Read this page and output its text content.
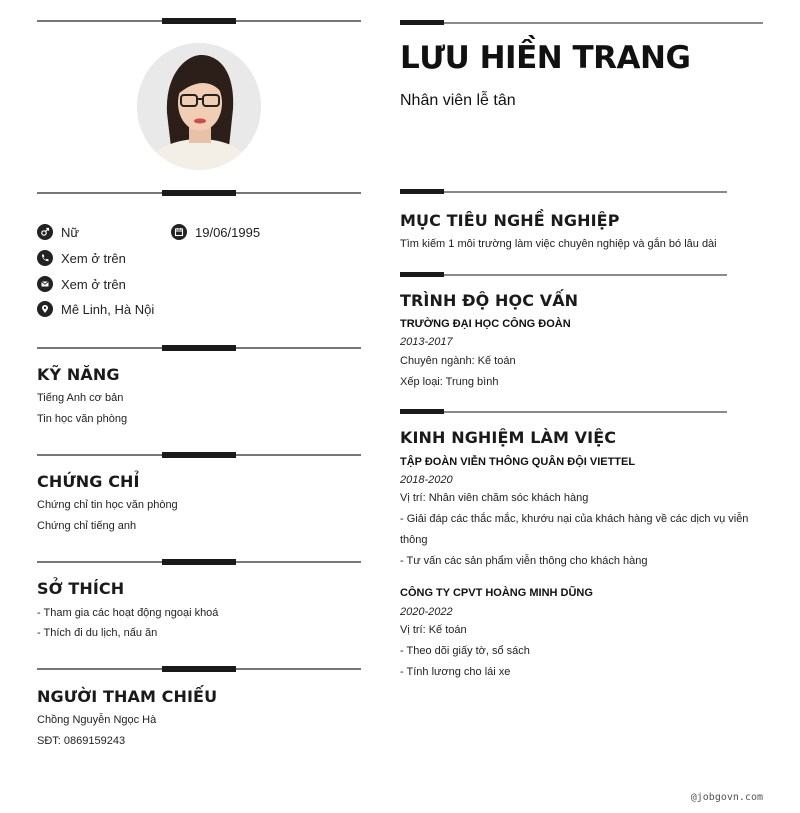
Nữ	19/06/1995
Xem ở trên
Xem ở trên
Mê Linh, Hà Nội
KỸ NĂNG
Tiếng Anh cơ bản
Tin học văn phòng
CHỨNG CHỈ
Chứng chỉ tin học văn phòng
Chứng chỉ tiếng anh
SỞ THÍCH
- Tham gia các hoạt động ngoại khoá
- Thích đi du lịch, nấu ăn
NGƯỜI THAM CHIẾU
Chồng Nguyễn Ngọc Hà
SĐT: 0869159243
LƯU HIỀN TRANG
Nhân viên lễ tân
MỤC TIÊU NGHỀ NGHIỆP
Tìm kiếm 1 môi trường làm việc chuyên nghiệp và gắn bó lâu dài
TRÌNH ĐỘ HỌC VẤN
TRƯỜNG ĐẠI HỌC CÔNG ĐOÀN
2013-2017
Chuyên ngành: Kế toán
Xếp loại: Trung bình
KINH NGHIỆM LÀM VIỆC
TẬP ĐOÀN VIỄN THÔNG QUÂN ĐỘI VIETTEL
2018-2020
Vị trí: Nhân viên chăm sóc khách hàng
- Giải đáp các thắc mắc, khướu nại của khách hàng về các dịch vụ viễn
thông
- Tư vấn các sản phẩm viễn thông cho khách hàng
CÔNG TY CPVT HOÀNG MINH DŨNG
2020-2022
Vị trí: Kế toán
- Theo dõi giấy tờ, sổ sách
- Tính lương cho lái xe
@jobgovn.com
